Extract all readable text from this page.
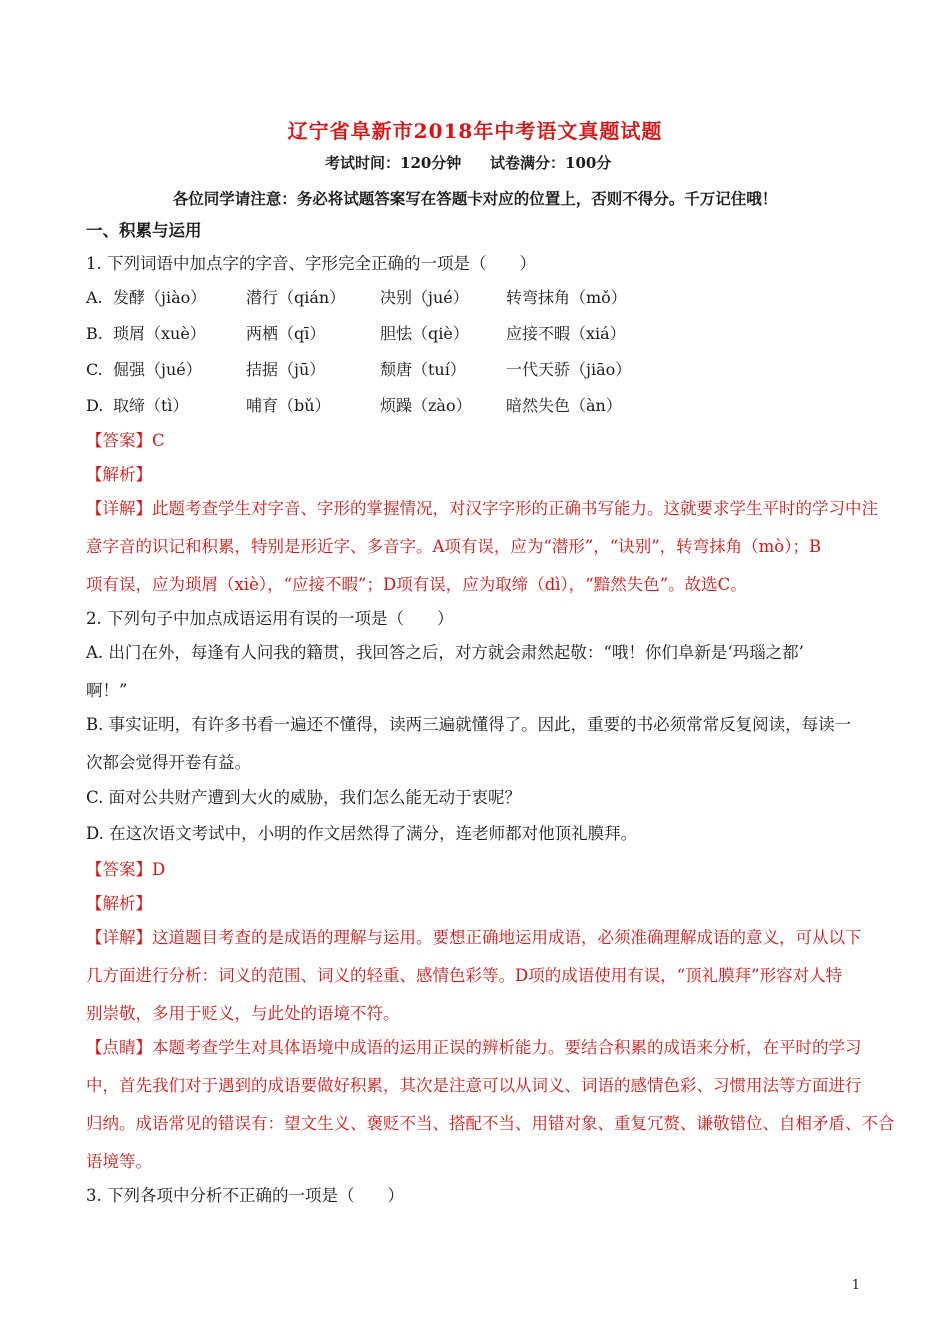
辽宁省阜新市2018年中考语文真题试题
考试时间：120分钟 试卷满分：100分
各位同学请注意：务必将试题答案写在答题卡对应的位置上，否则不得分。千万记住哦！
一、积累与运用
1. 下列词语中加点字的字音、字形完全正确的一项是（　　）
A. 发酵（jiào） 潜行（qián） 决别（jué） 转弯抹角（mǒ）
B. 琐屑（xuè）	两栖（qī）	胆怯（qiè） 应接不暇（xiá）
C. 倔强（jué）	拮据（jū）	颓唐（tuí）	一代天骄（jiāo）
D. 取缔（tì）	哺育（bǔ）	烦躁（zào） 暗然失色（àn）
【答案】C
【解析】
【详解】此题考查学生对字音、字形的掌握情况，对汉字字形的正确书写能力。这就要求学生平时的学习中注
意字音的识记和积累，特别是形近字、多音字。A项有误，应为“潜形”，“诀别”，转弯抹角（mò）；B
项有误，应为琐屑（xiè），“应接不暇”；D项有误，应为取缔（dì），“黯然失色”。故选C。
2. 下列句子中加点成语运用有误的一项是（　　）
A. 出门在外，每逢有人问我的籍贯，我回答之后，对方就会肃然起敬：“哦！你们阜新是‘玛瑙之都’
啊！”
B. 事实证明，有许多书看一遍还不懂得，读两三遍就懂得了。因此，重要的书必须常常反复阅读，每读一
次都会觉得开卷有益。
C. 面对公共财产遭到大火的威胁，我们怎么能无动于衷呢？
D. 在这次语文考试中，小明的作文居然得了满分，连老师都对他顶礼膜拜。
【答案】D
【解析】
【详解】这道题目考查的是成语的理解与运用。要想正确地运用成语，必须准确理解成语的意义，可从以下
几方面进行分析：词义的范围、词义的轻重、感情色彩等。D项的成语使用有误，“顶礼膜拜”形容对人特
别崇敬，多用于贬义，与此处的语境不符。
【点睛】本题考查学生对具体语境中成语的运用正误的辨析能力。要结合积累的成语来分析，在平时的学习
中，首先我们对于遇到的成语要做好积累，其次是注意可以从词义、词语的感情色彩、习惯用法等方面进行
归纳。成语常见的错误有：望文生义、褒贬不当、搭配不当、用错对象、重复冗赘、谦敬错位、自相矛盾、不合
语境等。
3. 下列各项中分析不正确的一项是（　　）
1
